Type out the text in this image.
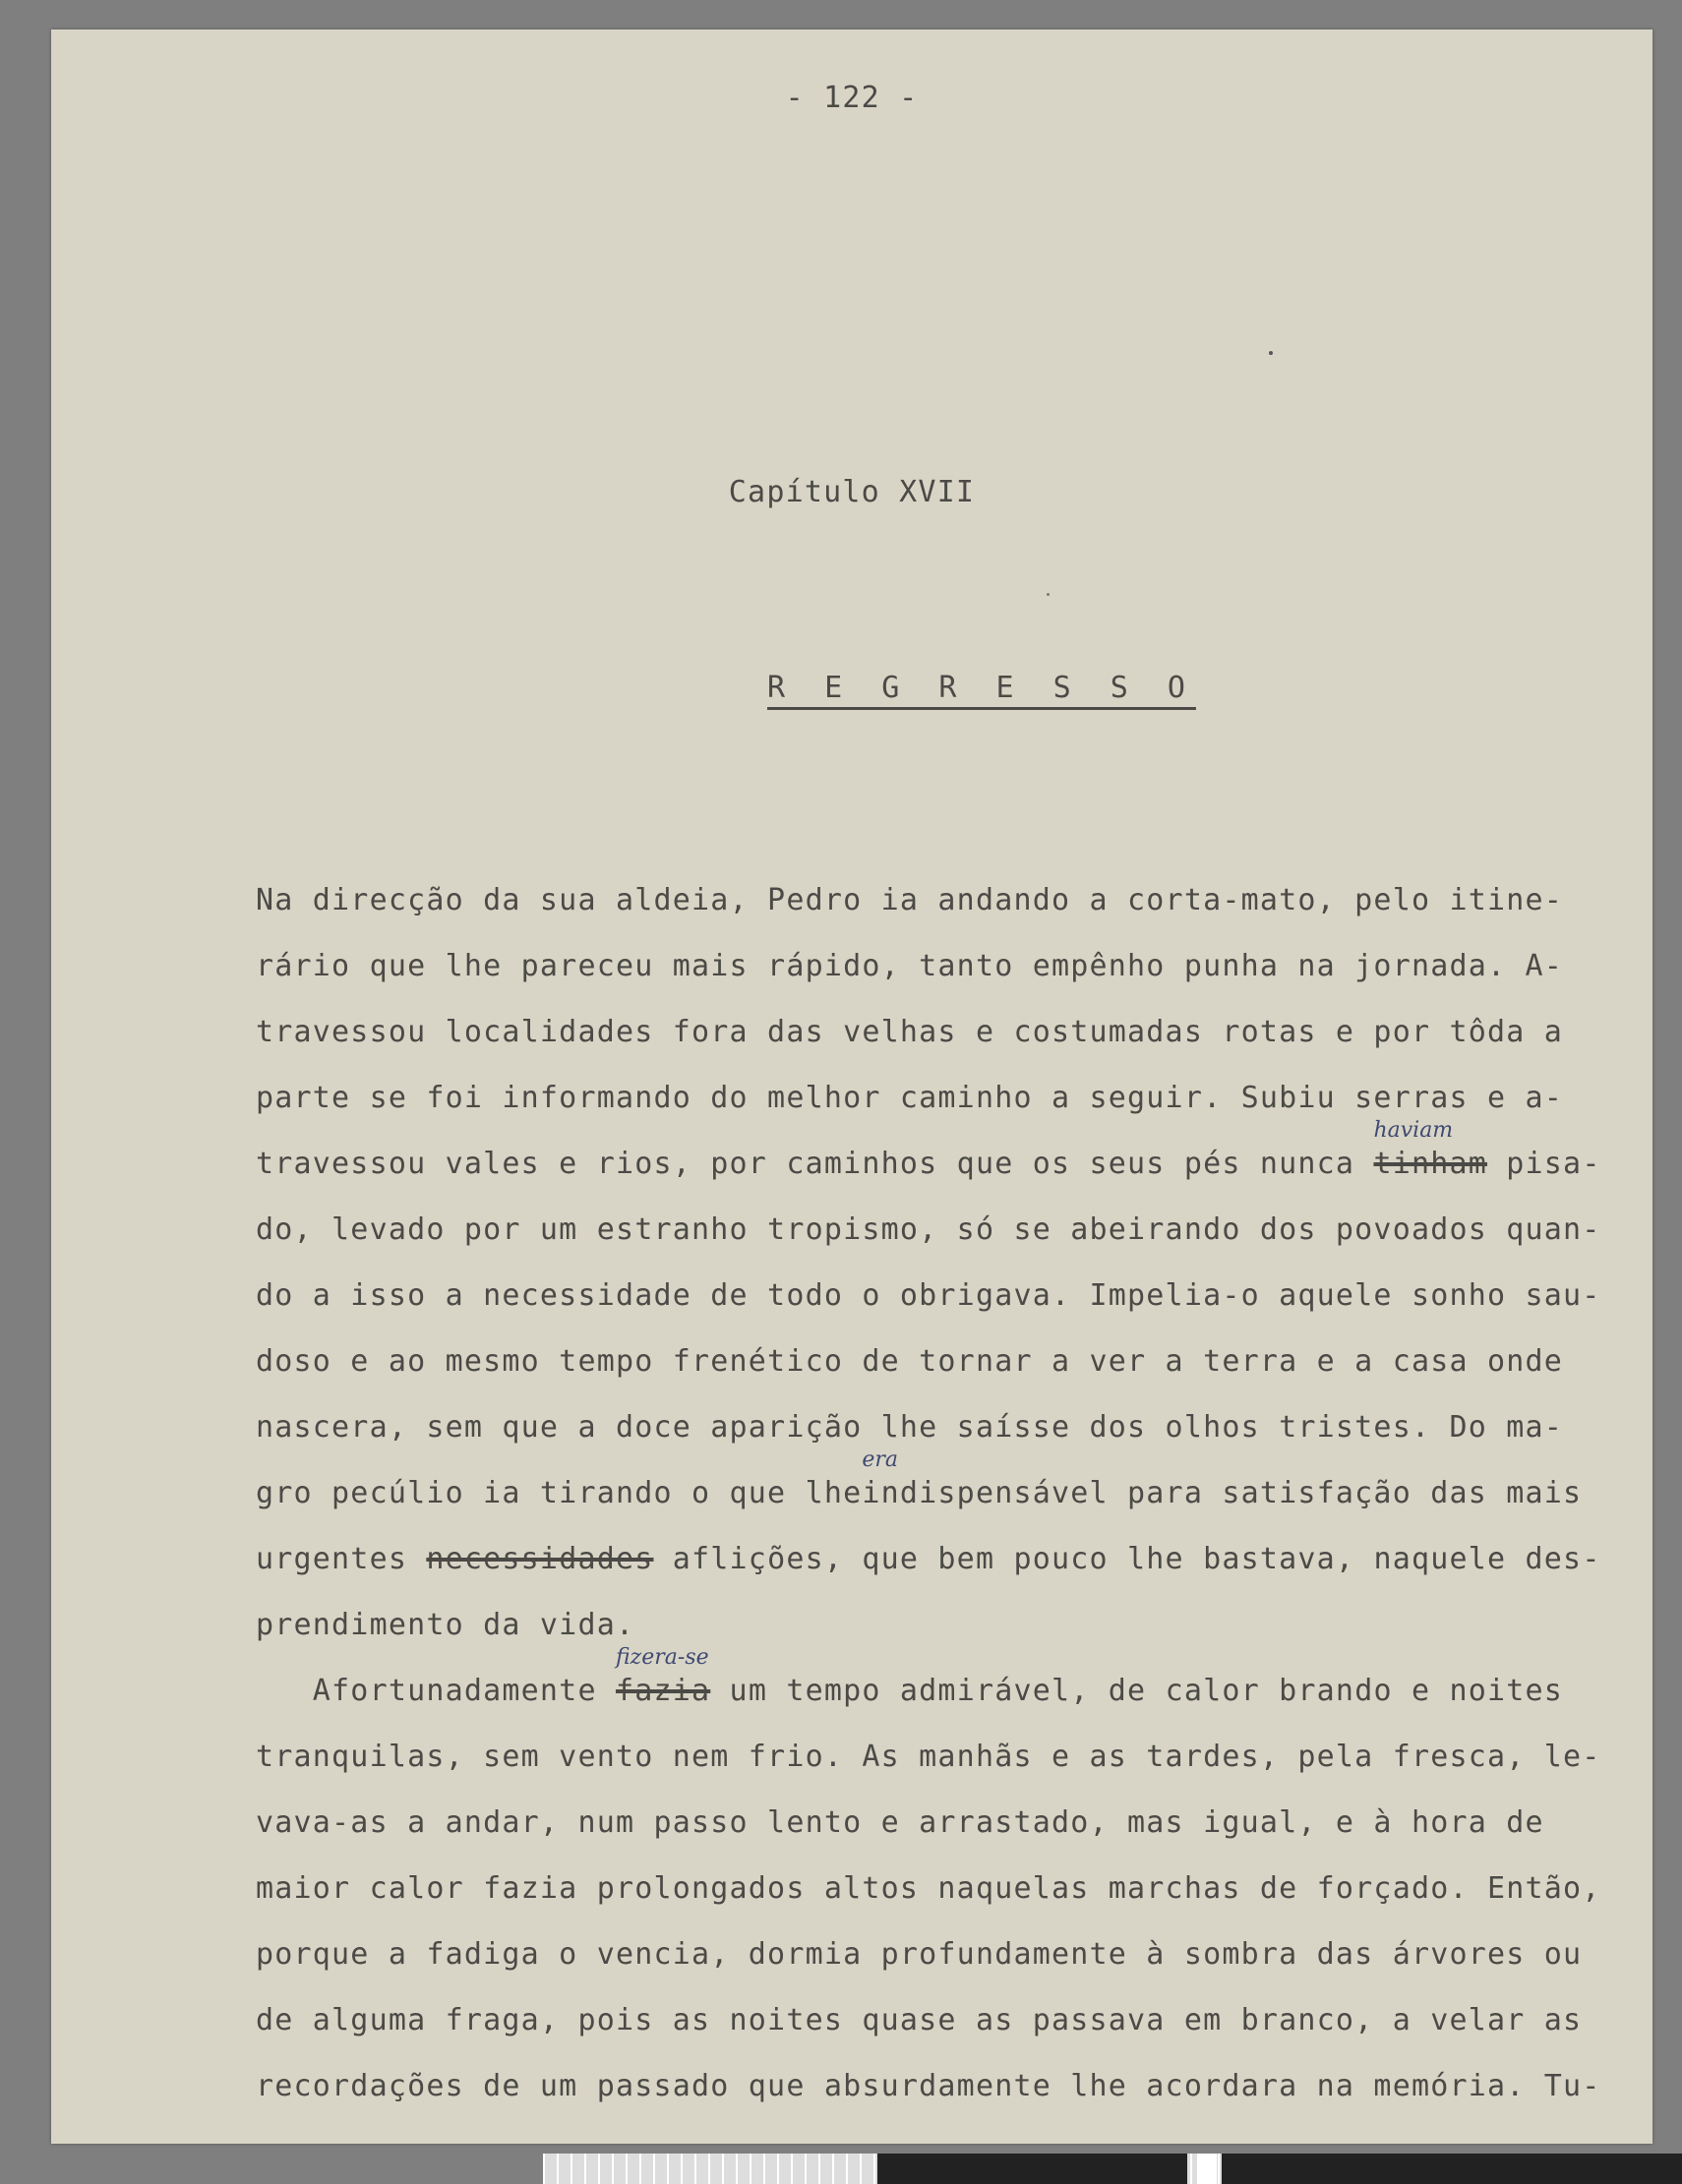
- 122 -
Capítulo XVII
R E G R E S S O
Na direcção da sua aldeia, Pedro ia andando a corta-mato, pelo itine-
rário que lhe pareceu mais rápido, tanto empênho punha na jornada. A-
travessou localidades fora das velhas e costumadas rotas e por tôda a
parte se foi informando do melhor caminho a seguir. Subiu serras e a-
travessou vales e rios, por caminhos que os seus pés nunca
haviam
tinham pisa-
do, levado por um estranho tropismo, só se abeirando dos povoados quan-
do a isso a necessidade de todo o obrigava. Impelia-o aquele sonho sau-
doso e ao mesmo tempo frenético de tornar a ver a terra e a casa onde
nascera, sem que a doce aparição lhe saísse dos olhos tristes. Do ma-
gro pecúlio ia tirando o que lhe
era
indispensável para satisfação das mais
urgentes necessidades aflições, que bem pouco lhe bastava, naquele des-
prendimento da vida.
Afortunadamente
fizera-se
fazia um tempo admirável, de calor brando e noites
tranquilas, sem vento nem frio. As manhãs e as tardes, pela fresca, le-
vava-as a andar, num passo lento e arrastado, mas igual, e à hora de
maior calor fazia prolongados altos naquelas marchas de forçado. Então,
porque a fadiga o vencia, dormia profundamente à sombra das árvores ou
de alguma fraga, pois as noites quase as passava em branco, a velar as
recordações de um passado que absurdamente lhe acordara na memória. Tu-
